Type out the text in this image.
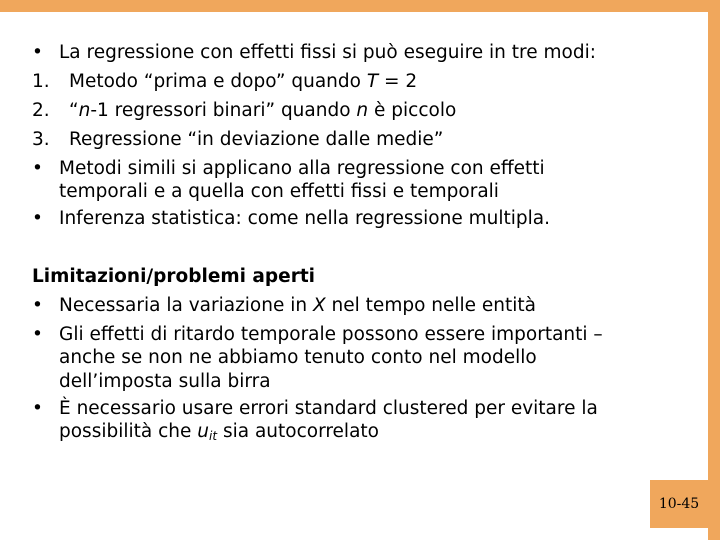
• La regressione con effetti fissi si può eseguire in tre modi:
1.	Metodo “prima e dopo” quando T = 2
2.	“n-1 regressori binari” quando n è piccolo
3.	Regressione “in deviazione dalle medie”
• Metodi simili si applicano alla regressione con effetti
temporali e a quella con effetti fissi e temporali
• Inferenza statistica: come nella regressione multipla.
Limitazioni/problemi aperti
• Necessaria la variazione in X nel tempo nelle entità
• Gli effetti di ritardo temporale possono essere importanti –
anche se non ne abbiamo tenuto conto nel modello
dell’imposta sulla birra
• È necessario usare errori standard clustered per evitare la
possibilità che $u_{it}$ sia autocorrelato
10-45
